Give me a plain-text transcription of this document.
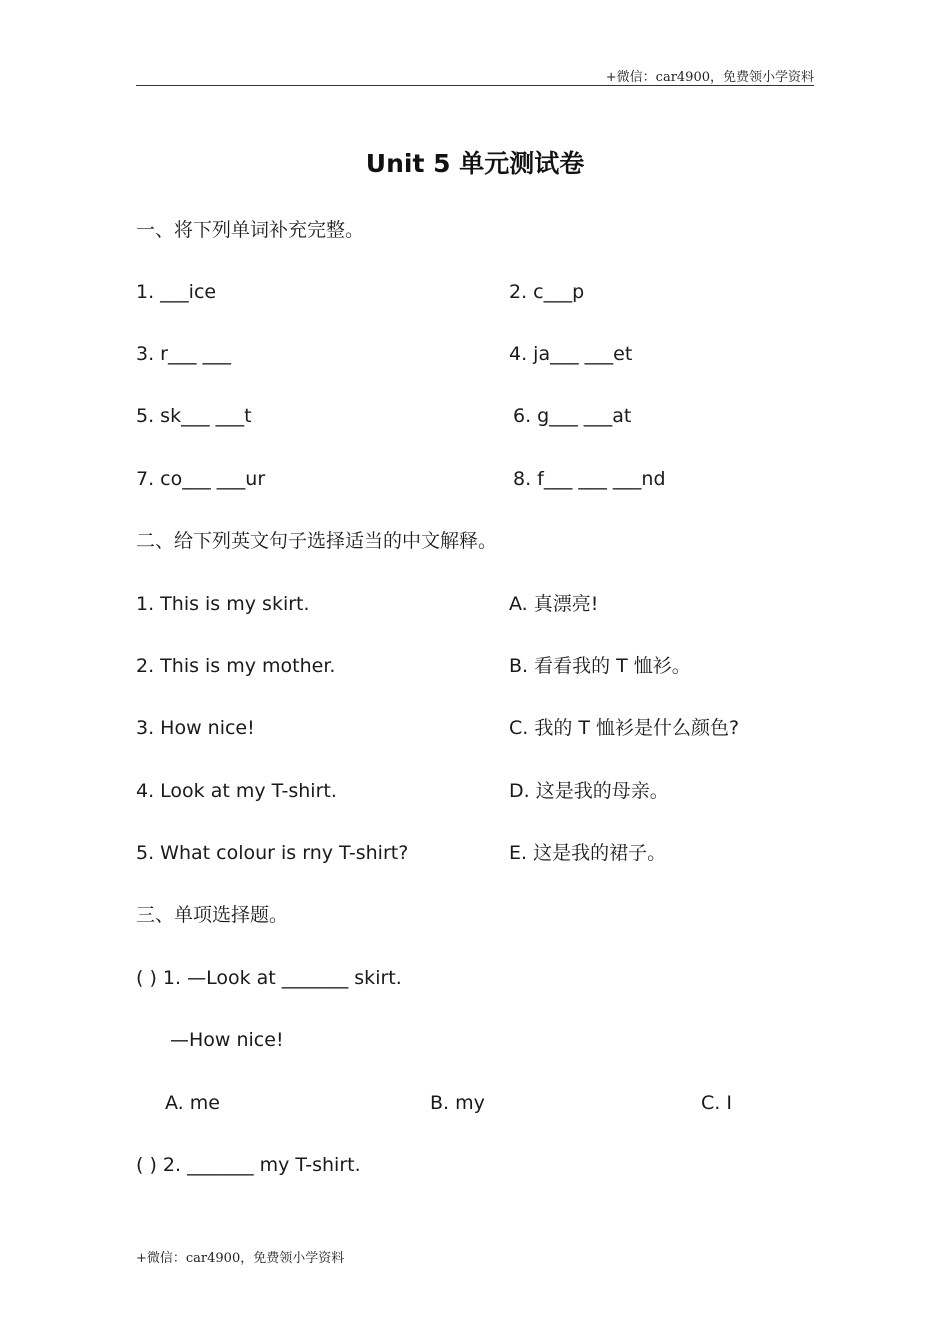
+微信：car4900，免费领小学资料
Unit 5 单元测试卷
一、将下列单词补充完整。
1. ___ice	2. c___p
3. r___ ___	4. ja___ ___et
5. sk___ ___t	6. g___ ___at
7. co___ ___ur	8. f___ ___ ___nd
二、给下列英文句子选择适当的中文解释。
1. This is my skirt.	A. 真漂亮!
2. This is my mother.	B. 看看我的 T 恤衫。
3. How nice!	C. 我的 T 恤衫是什么颜色?
4. Look at my T-shirt.	D. 这是我的母亲。
5. What colour is rny T-shirt?	E. 这是我的裙子。
三、单项选择题。
( ) 1. —Look at _______ skirt.
—How nice!
A. me	B. my	C. I
( ) 2. _______ my T-shirt.
+微信：car4900，免费领小学资料
